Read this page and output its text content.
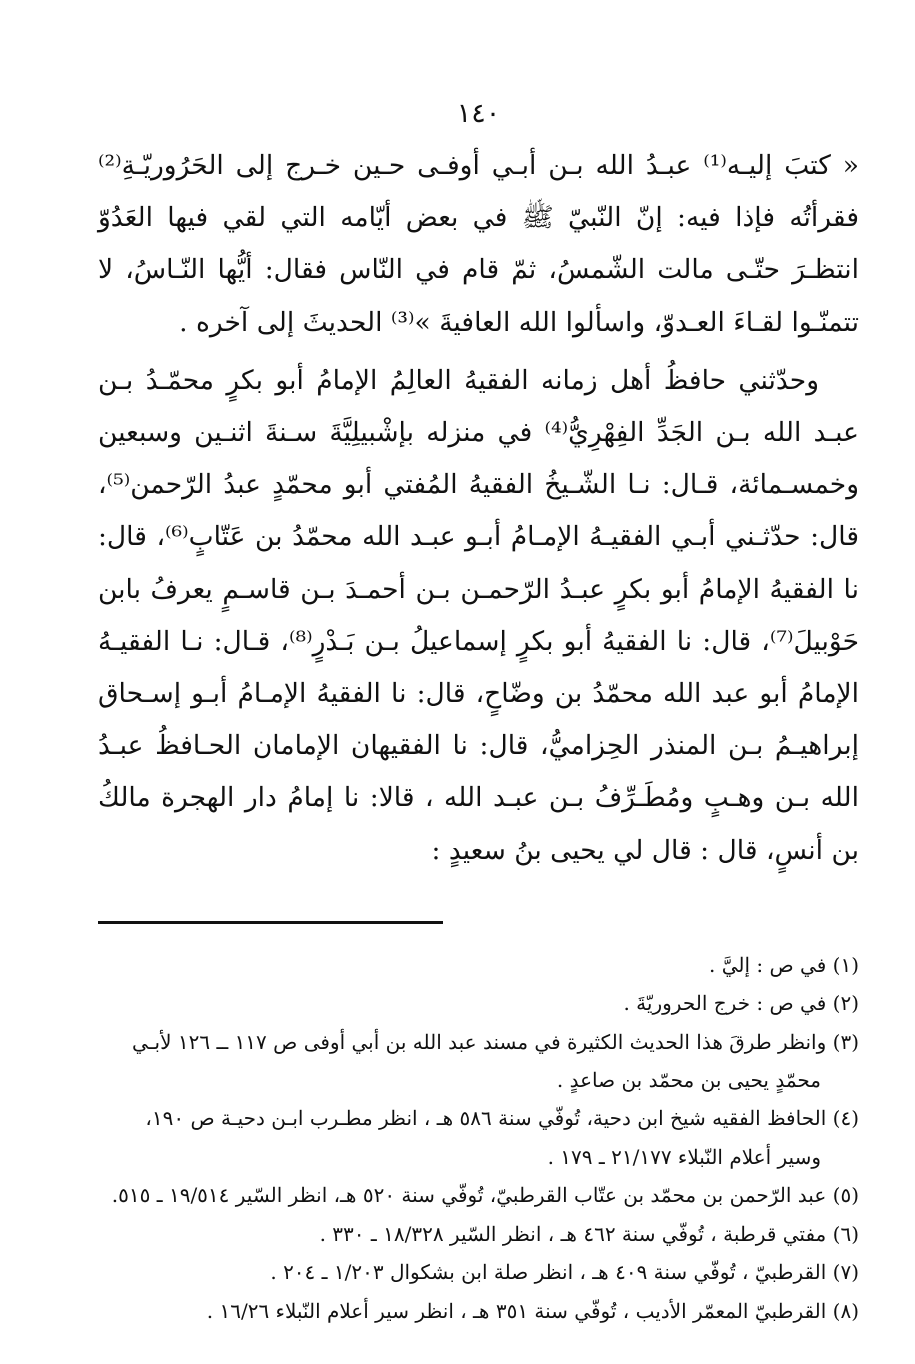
١٤٠

« كتبَ إليـه⁽¹⁾ عبـدُ الله بـن أبـي أوفـى حـين خـرج إلى الحَرُوريّـةِ⁽²⁾ فقرأتُه فإذا فيه: إنّ النّبيّ ﷺ في بعض أيّامه التي لقي فيها العَدُوّ انتظـرَ حتّـى مالت الشّمسُ، ثمّ قام في النّاس فقال: أيُّها النّـاسُ، لا تتمنّـوا لقـاءَ العـدوّ، واسألوا الله العافيةَ »⁽³⁾ الحديثَ إلى آخره .

وحدّثني حافظُ أهل زمانه الفقيهُ العالِمُ الإمامُ أبو بكرٍ محمّـدُ بـن عبـد الله بـن الجَدِّ الفِهْرِيُّ⁽⁴⁾ في منزله بإشْبيلِيَّةَ سـنةَ اثنـين وسبعين وخمسـمائة، قـال: نـا الشّـيخُ الفقيهُ المُفتي أبو محمّدٍ عبدُ الرّحمن⁽⁵⁾، قال: حدّثـني أبـي الفقيـهُ الإمـامُ أبـو عبـد الله محمّدُ بن عَتّابٍ⁽⁶⁾، قال: نا الفقيهُ الإمامُ أبو بكرٍ عبـدُ الرّحمـن بـن أحمـدَ بـن قاسـمٍ يعرفُ بابن حَوْبيلَ⁽⁷⁾، قال: نا الفقيهُ أبو بكرٍ إسماعيلُ بـن بَـدْرٍ⁽⁸⁾، قـال: نـا الفقيـهُ الإمامُ أبو عبد الله محمّدُ بن وضّاحٍ، قال: نا الفقيهُ الإمـامُ أبـو إسـحاق إبراهيـمُ بـن المنذر الحِزاميُّ، قال: نا الفقيهان الإمامان الحـافظُ عبـدُ الله بـن وهـبٍ ومُطَـرِّفُ بـن عبـد الله ، قالا: نا إمامُ دار الهجرة مالكُ بن أنسٍ، قال : قال لي يحيى بنُ سعيدٍ :

(١) في ص : إليَّ .

(٢) في ص : خرج الحروريّةَ .

(٣) وانظر طرقَ هذا الحديث الكثيرة في مسند عبد الله بن أبي أوفى ص ١١٧ ــ ١٢٦ لأبـي
محمّدٍ يحيى بن محمّد بن صاعدٍ .

(٤) الحافظ الفقيه شيخ ابن دحية، تُوفّي سنة ٥٨٦ هـ ، انظر مطـرب ابـن دحيـة ص ١٩٠،
وسير أعلام النّبلاء ٢١/١٧٧ ـ ١٧٩ .

(٥) عبد الرّحمن بن محمّد بن عتّاب القرطبيّ، تُوفّي سنة ٥٢٠ هـ، انظر السّير ١٩/٥١٤ ـ ٥١٥.

(٦) مفتي قرطبة ، تُوفّي سنة ٤٦٢ هـ ، انظر السّير ١٨/٣٢٨ ـ ٣٣٠ .

(٧) القرطبيّ ، تُوفّي سنة ٤٠٩ هـ ، انظر صلة ابن بشكوال ١/٢٠٣ ـ ٢٠٤ .

(٨) القرطبيّ المعمّر الأديب ، تُوفّي سنة ٣٥١ هـ ، انظر سير أعلام النّبلاء ١٦/٢٦ .
